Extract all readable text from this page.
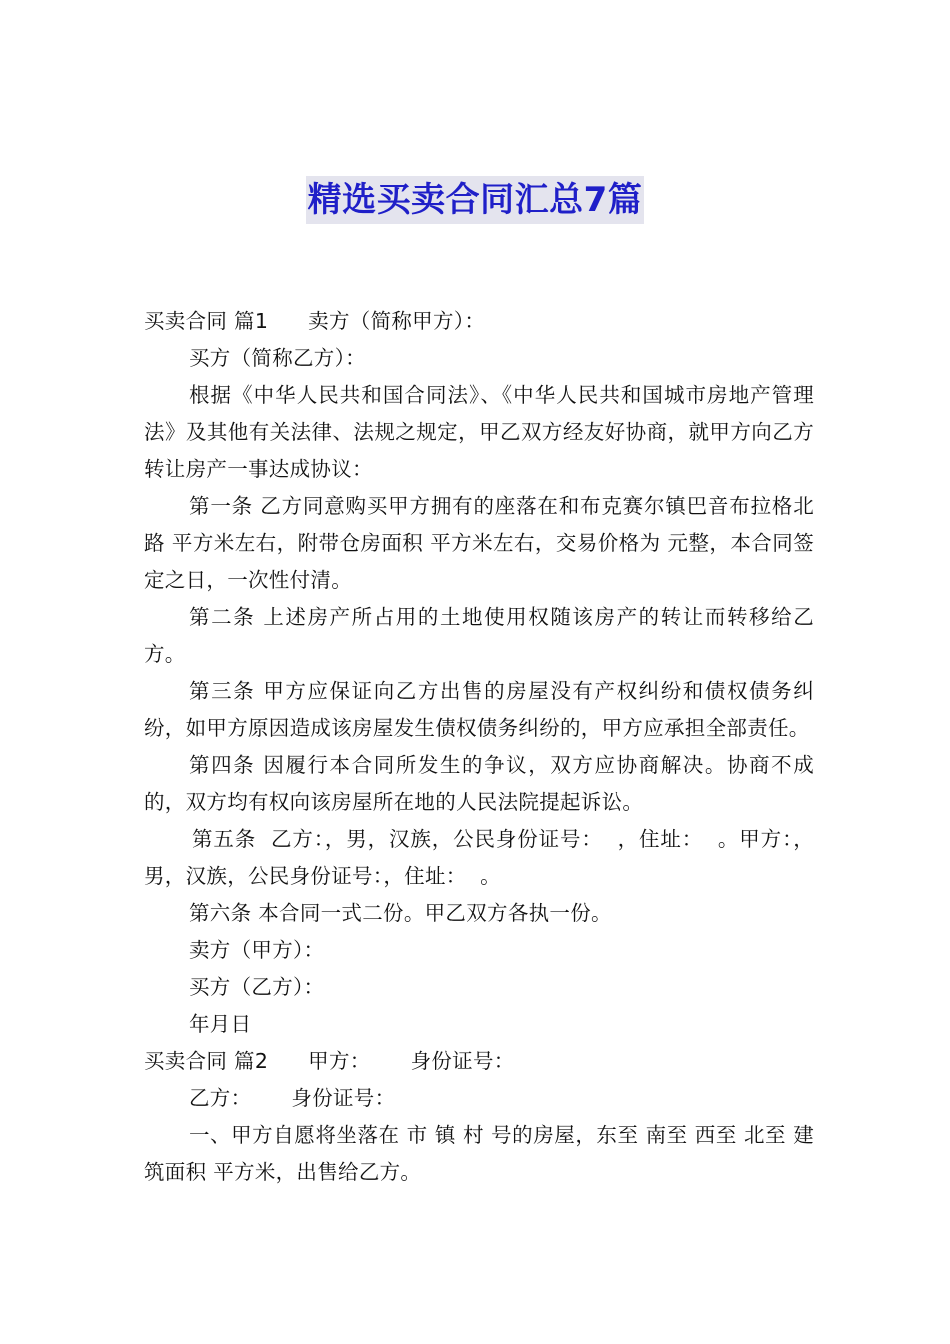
精选买卖合同汇总7篇

买卖合同 篇1 卖方（简称甲方）：

买方（简称乙方）：

根据《中华人民共和国合同法》、《中华人民共和国城市房地产管理法》及其他有关法律、法规之规定，甲乙双方经友好协商，就甲方向乙方转让房产一事达成协议：

第一条 乙方同意购买甲方拥有的座落在和布克赛尔镇巴音布拉格北路 平方米左右，附带仓房面积 平方米左右，交易价格为 元整，本合同签定之日，一次性付清。

第二条 上述房产所占用的土地使用权随该房产的转让而转移给乙方。

第三条 甲方应保证向乙方出售的房屋没有产权纠纷和债权债务纠纷，如甲方原因造成该房屋发生债权债务纠纷的，甲方应承担全部责任。

第四条 因履行本合同所发生的争议，双方应协商解决。协商不成的，双方均有权向该房屋所在地的人民法院提起诉讼。

第五条  乙方：，男，汉族，公民身份证号：  ，住址：  。甲方：，男，汉族，公民身份证号：，住址：  。

第六条 本合同一式二份。甲乙双方各执一份。

卖方（甲方）：

买方（乙方）：

年月日

买卖合同 篇2 甲方： 身份证号：

乙方： 身份证号：

一、甲方自愿将坐落在 市 镇 村 号的房屋，东至 南至 西至 北至 建筑面积 平方米，出售给乙方。
